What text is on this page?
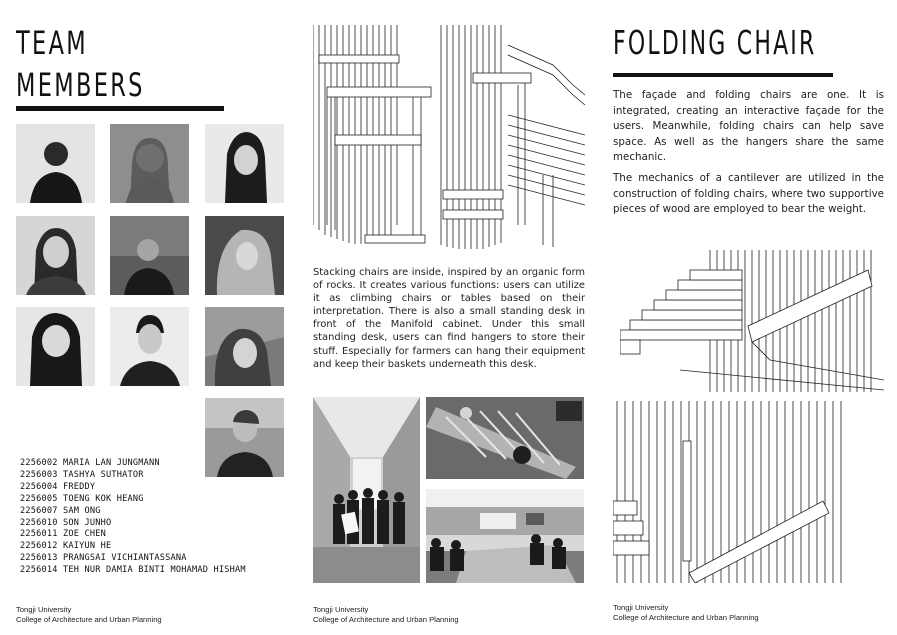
TEAM
MEMBERS
2256002 MARIA LAN JUNGMANN
2256003 TASHYA SUTHATOR
2256004 FREDDY
2256005 TOENG KOK HEANG
2256007 SAM ONG
2256010 SON JUNHO
2256011 ZOE CHEN
2256012 KAIYUN HE
2256013 PRANGSAI VICHIANTASSANA
2256014 TEH NUR DAMIA BINTI MOHAMAD HISHAM
Tongji University
College of Architecture and Urban Planning
Stacking chairs are inside, inspired by an organic form of rocks. It creates various functions: users can utilize it as climbing chairs or tables based on their interpretation. There is also a small standing desk in front of the Manifold cabinet. Under this small standing desk, users can find hangers to store their stuff. Especially for farmers can hang their equipment and keep their baskets underneath this desk.
Tongji University
College of Architecture and Urban Planning
FOLDING CHAIR
The façade and folding chairs are one. It is integrated, creating an interactive façade for the users. Meanwhile, folding chairs can help save space. As well as the hangers share the same mechanic.
The mechanics of a cantilever are utilized in the construction of folding chairs, where two supportive pieces of wood are employed to bear the weight.
Tongji University
College of Architecture and Urban Planning
